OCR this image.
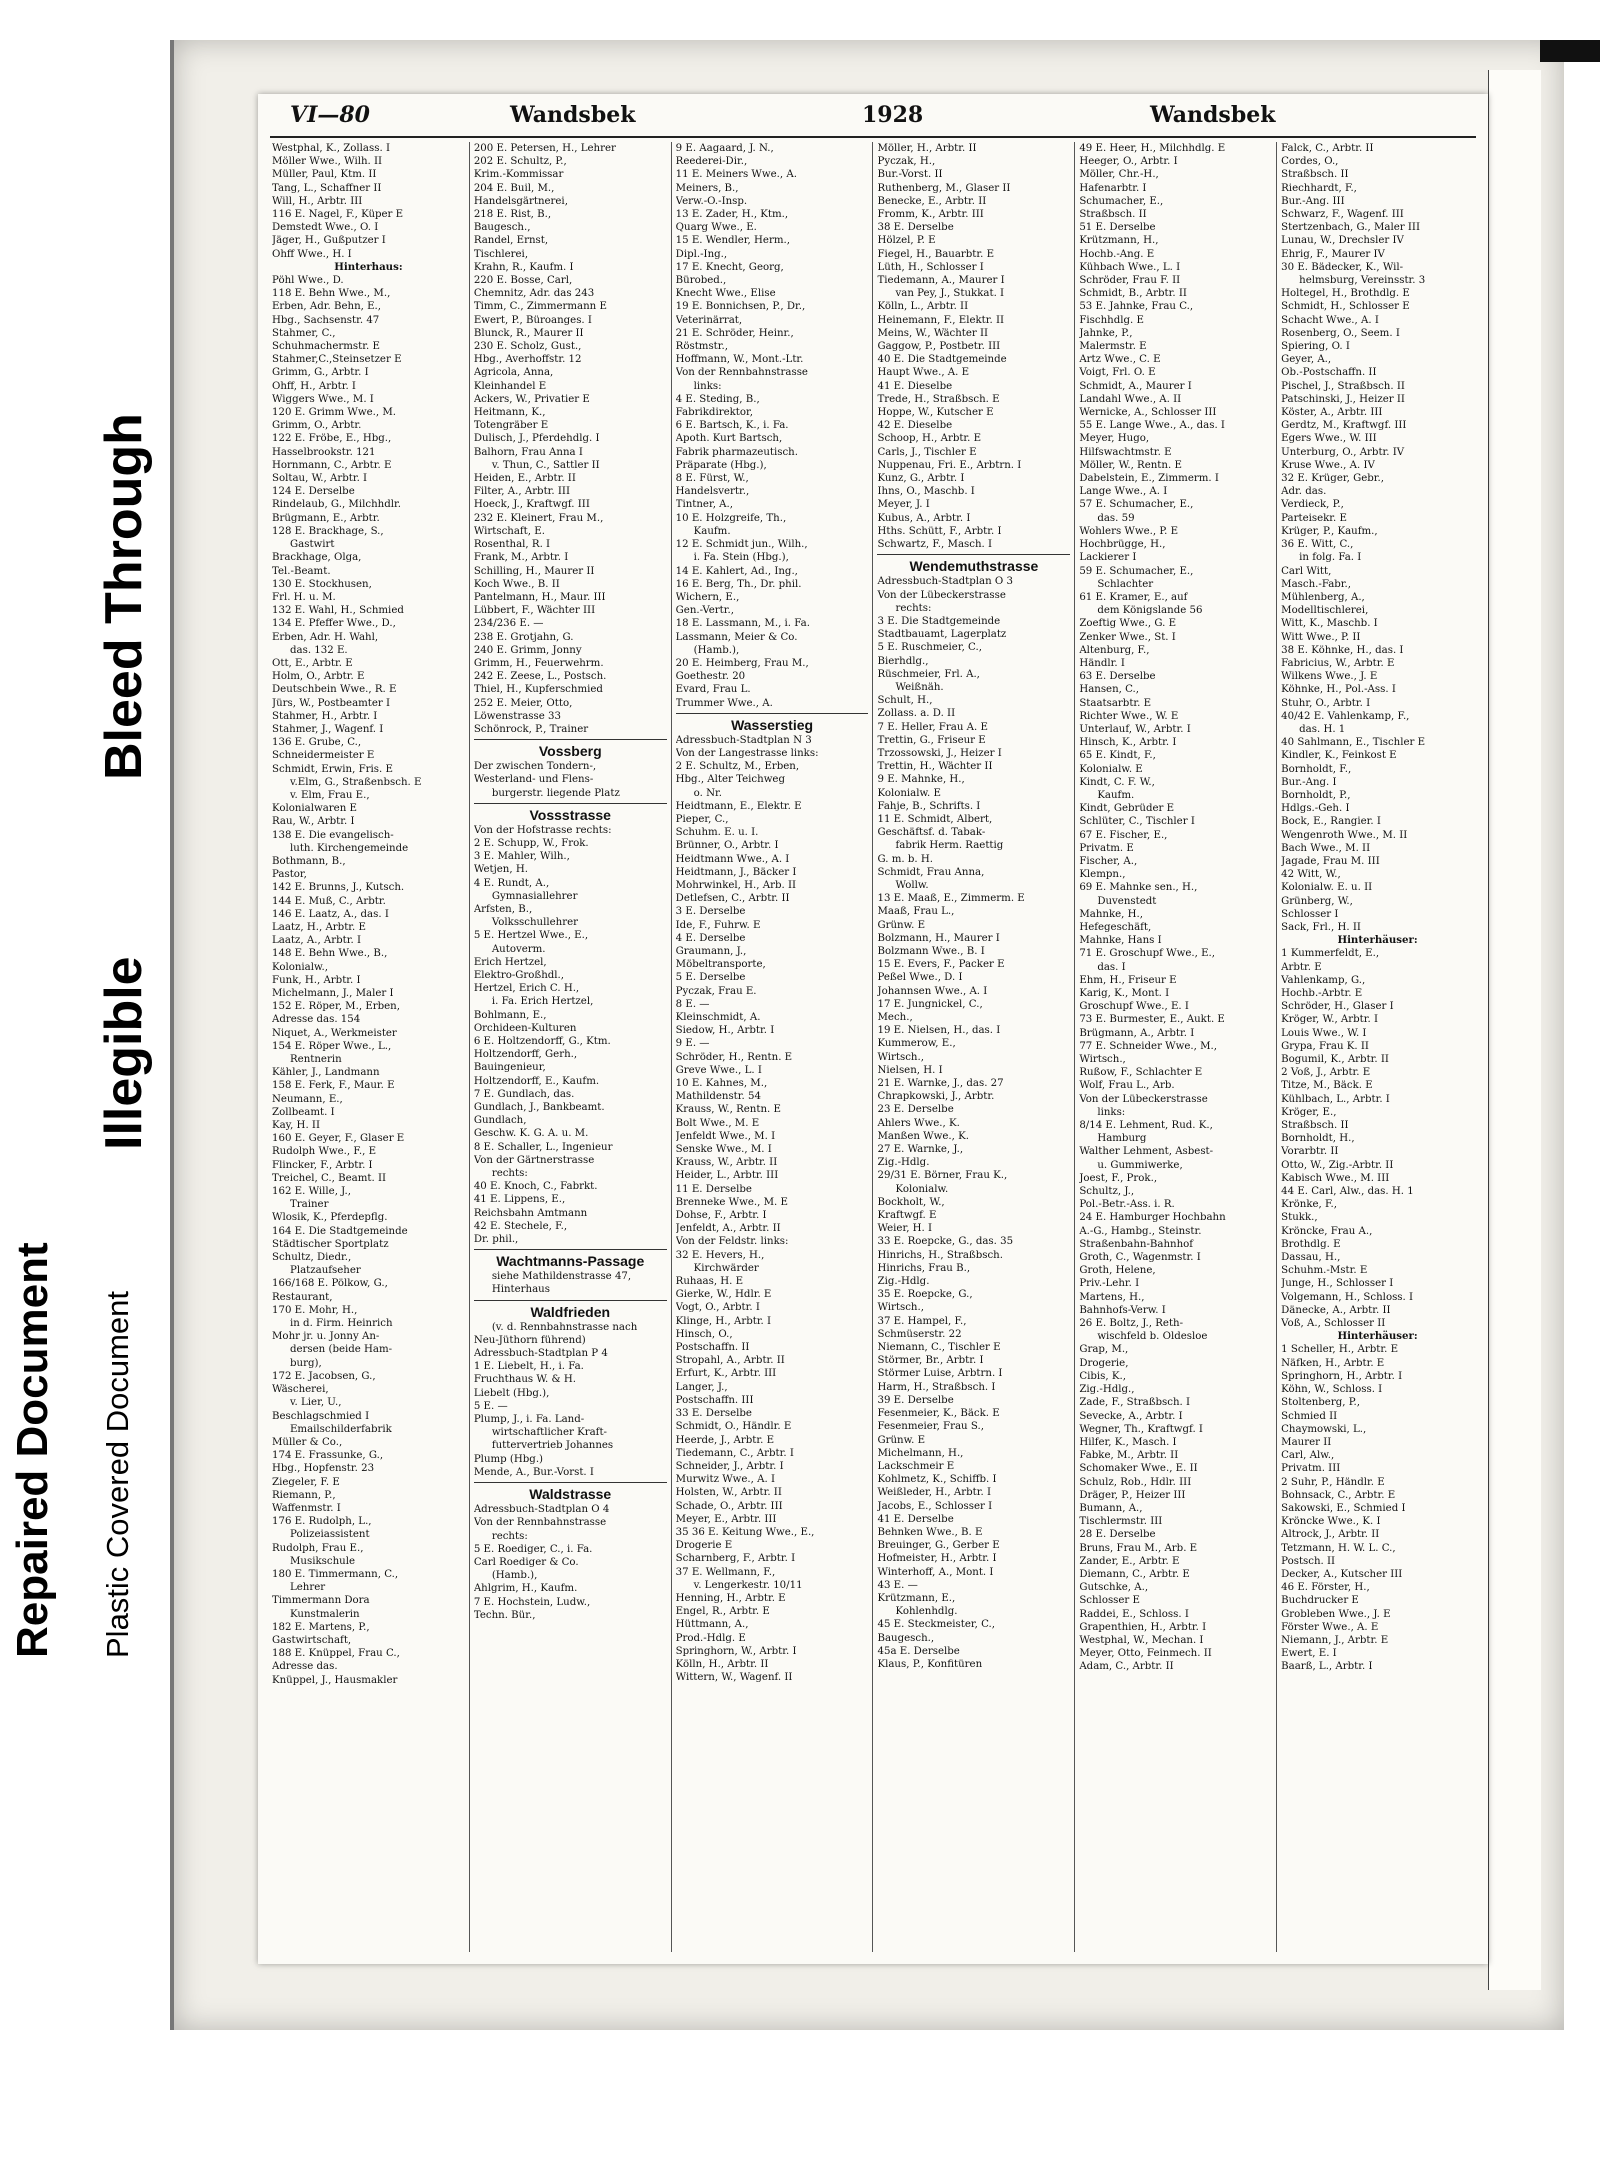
Repaired Document Plastic Covered Document
Illegible
Bleed Through
VI—80	Wandsbek	1928	Wandsbek
Westphal, K., Zollass. I
Möller Wwe., Wilh. II
Müller, Paul, Ktm. II
Tang, L., Schaffner II
Will, H., Arbtr. III
116 E. Nagel, F., Küper E
Demstedt Wwe., O. I
Jäger, H., Gußputzer I
Ohff Wwe., H. I
Hinterhaus:
Pöhl Wwe., D.
118 E. Behn Wwe., M.,
Erben, Adr. Behn, E.,
Hbg., Sachsenstr. 47
Stahmer, C.,
Schuhmachermstr. E
Stahmer,C.,Steinsetzer E
Grimm, G., Arbtr. I
Ohff, H., Arbtr. I
Wiggers Wwe., M. I
120 E. Grimm Wwe., M.
Grimm, O., Arbtr.
122 E. Fröbe, E., Hbg.,
Hasselbrookstr. 121
Hornmann, C., Arbtr. E
Soltau, W., Arbtr. I
124 E. Derselbe
Rindelaub, G., Milchhdlr.
Brügmann, E., Arbtr.
128 E. Brackhage, S.,
Gastwirt
Brackhage, Olga,
Tel.-Beamt.
130 E. Stockhusen,
Frl. H. u. M.
132 E. Wahl, H., Schmied
134 E. Pfeffer Wwe., D.,
Erben, Adr. H. Wahl,
das. 132 E.
Ott, E., Arbtr. E
Holm, O., Arbtr. E
Deutschbein Wwe., R. E
Jürs, W., Postbeamter I
Stahmer, H., Arbtr. I
Stahmer, J., Wagenf. I
136 E. Grube, C.,
Schneidermeister E
Schmidt, Erwin, Fris. E
v.Elm, G., Straßenbsch. E
v. Elm, Frau E.,
Kolonialwaren E
Rau, W., Arbtr. I
138 E. Die evangelisch-
luth. Kirchengemeinde
Bothmann, B.,
Pastor,
142 E. Brunns, J., Kutsch.
144 E. Muß, C., Arbtr.
146 E. Laatz, A., das. I
Laatz, H., Arbtr. E
Laatz, A., Arbtr. I
148 E. Behn Wwe., B.,
Kolonialw.,
Funk, H., Arbtr. I
Michelmann, J., Maler I
152 E. Röper, M., Erben,
Adresse das. 154
Niquet, A., Werkmeister
154 E. Röper Wwe., L.,
Rentnerin
Kähler, J., Landmann
158 E. Ferk, F., Maur. E
Neumann, E.,
Zollbeamt. I
Kay, H. II
160 E. Geyer, F., Glaser E
Rudolph Wwe., F., E
Flincker, F., Arbtr. I
Treichel, C., Beamt. II
162 E. Wille, J.,
Trainer
Wlosik, K., Pferdepflg.
164 E. Die Stadtgemeinde
Städtischer Sportplatz
Schultz, Diedr.,
Platzaufseher
166/168 E. Pölkow, G.,
Restaurant,
170 E. Mohr, H.,
in d. Firm. Heinrich
Mohr jr. u. Jonny An-
dersen (beide Ham-
burg),
172 E. Jacobsen, G.,
Wäscherei,
v. Lier, U.,
Beschlagschmied I
Emailschilderfabrik
Müller & Co.,
174 E. Frassunke, G.,
Hbg., Hopfenstr. 23
Ziegeler, F. E
Riemann, P.,
Waffenmstr. I
176 E. Rudolph, L.,
Polizeiassistent
Rudolph, Frau E.,
Musikschule
180 E. Timmermann, C.,
Lehrer
Timmermann Dora
Kunstmalerin
182 E. Martens, P.,
Gastwirtschaft,
188 E. Knüppel, Frau C.,
Adresse das.
Knüppel, J., Hausmakler
200 E. Petersen, H., Lehrer
202 E. Schultz, P.,
Krim.-Kommissar
204 E. Buil, M.,
Handelsgärtnerei,
218 E. Rist, B.,
Baugesch.,
Randel, Ernst,
Tischlerei,
Krahn, R., Kaufm. I
220 E. Bosse, Carl,
Chemnitz, Adr. das 243
Timm, C., Zimmermann E
Ewert, P., Büroanges. I
Blunck, R., Maurer II
230 E. Scholz, Gust.,
Hbg., Averhoffstr. 12
Agricola, Anna,
Kleinhandel E
Ackers, W., Privatier E
Heitmann, K.,
Totengräber E
Dulisch, J., Pferdehdlg. I
Balhorn, Frau Anna I
v. Thun, C., Sattler II
Heiden, E., Arbtr. II
Filter, A., Arbtr. III
Hoeck, J., Kraftwgf. III
232 E. Kleinert, Frau M.,
Wirtschaft, E.
Rosenthal, R. I
Frank, M., Arbtr. I
Schilling, H., Maurer II
Koch Wwe., B. II
Pantelmann, H., Maur. III
Lübbert, F., Wächter III
234/236 E. —
238 E. Grotjahn, G.
240 E. Grimm, Jonny
Grimm, H., Feuerwehrm.
242 E. Zeese, L., Postsch.
Thiel, H., Kupferschmied
252 E. Meier, Otto,
Löwenstrasse 33
Schönrock, P., Trainer
Vossberg
Der zwischen Tondern-,
Westerland- und Flens-
burgerstr. liegende Platz
Vossstrasse
Von der Hofstrasse rechts:
2 E. Schupp, W., Frok.
3 E. Mahler, Wilh.,
Wetjen, H.
4 E. Rundt, A.,
Gymnasiallehrer
Arfsten, B.,
Volksschullehrer
5 E. Hertzel Wwe., E.,
Autoverm.
Erich Hertzel,
Elektro-Großhdl.,
Hertzel, Erich C. H.,
i. Fa. Erich Hertzel,
Bohlmann, E.,
Orchideen-Kulturen
6 E. Holtzendorff, G., Ktm.
Holtzendorff, Gerh.,
Bauingenieur,
Holtzendorff, E., Kaufm.
7 E. Gundlach, das.
Gundlach, J., Bankbeamt.
Gundlach,
Geschw. K. G. A. u. M.
8 E. Schaller, L., Ingenieur
Von der Gärtnerstrasse
rechts:
40 E. Knoch, C., Fabrkt.
41 E. Lippens, E.,
Reichsbahn Amtmann
42 E. Stechele, F.,
Dr. phil.,
Wachtmanns-Passage
siehe Mathildenstrasse 47,
Hinterhaus
Waldfrieden
(v. d. Rennbahnstrasse nach
Neu-Jüthorn führend)
Adressbuch-Stadtplan P 4
1 E. Liebelt, H., i. Fa.
Fruchthaus W. & H.
Liebelt (Hbg.),
5 E. —
Plump, J., i. Fa. Land-
wirtschaftlicher Kraft-
futtervertrieb Johannes
Plump (Hbg.)
Mende, A., Bur.-Vorst. I
Waldstrasse
Adressbuch-Stadtplan O 4
Von der Rennbahnstrasse
rechts:
5 E. Roediger, C., i. Fa.
Carl Roediger & Co.
(Hamb.),
Ahlgrim, H., Kaufm.
7 E. Hochstein, Ludw.,
Techn. Bür.,
9 E. Aagaard, J. N.,
Reederei-Dir.,
11 E. Meiners Wwe., A.
Meiners, B.,
Verw.-O.-Insp.
13 E. Zader, H., Ktm.,
Quarg Wwe., E.
15 E. Wendler, Herm.,
Dipl.-Ing.,
17 E. Knecht, Georg,
Bürobed.,
Knecht Wwe., Elise
19 E. Bonnichsen, P., Dr.,
Veterinärrat,
21 E. Schröder, Heinr.,
Röstmstr.,
Hoffmann, W., Mont.-Ltr.
Von der Rennbahnstrasse
links:
4 E. Steding, B.,
Fabrikdirektor,
6 E. Bartsch, K., i. Fa.
Apoth. Kurt Bartsch,
Fabrik pharmazeutisch.
Präparate (Hbg.),
8 E. Fürst, W.,
Handelsvertr.,
Tintner, A.,
10 E. Holzgreife, Th.,
Kaufm.
12 E. Schmidt jun., Wilh.,
i. Fa. Stein (Hbg.),
14 E. Kahlert, Ad., Ing.,
16 E. Berg, Th., Dr. phil.
Wichern, E.,
Gen.-Vertr.,
18 E. Lassmann, M., i. Fa.
Lassmann, Meier & Co.
(Hamb.),
20 E. Heimberg, Frau M.,
Goethestr. 20
Evard, Frau L.
Trummer Wwe., A.
Wasserstieg
Adressbuch-Stadtplan N 3
Von der Langestrasse links:
2 E. Schultz, M., Erben,
Hbg., Alter Teichweg
o. Nr.
Heidtmann, E., Elektr. E
Pieper, C.,
Schuhm. E. u. I.
Brünner, O., Arbtr. I
Heidtmann Wwe., A. I
Heidtmann, J., Bäcker I
Mohrwinkel, H., Arb. II
Detlefsen, C., Arbtr. II
3 E. Derselbe
Ide, F., Fuhrw. E
4 E. Derselbe
Graumann, J.,
Möbeltransporte,
5 E. Derselbe
Pyczak, Frau E.
8 E. —
Kleinschmidt, A.
Siedow, H., Arbtr. I
9 E. —
Schröder, H., Rentn. E
Greve Wwe., L. I
10 E. Kahnes, M.,
Mathildenstr. 54
Krauss, W., Rentn. E
Bolt Wwe., M. E
Jenfeldt Wwe., M. I
Senske Wwe., M. I
Krauss, W., Arbtr. II
Heider, L., Arbtr. III
11 E. Derselbe
Brenneke Wwe., M. E
Dohse, F., Arbtr. I
Jenfeldt, A., Arbtr. II
Von der Feldstr. links:
32 E. Hevers, H.,
Kirchwärder
Ruhaas, H. E
Gierke, W., Hdlr. E
Vogt, O., Arbtr. I
Klinge, H., Arbtr. I
Hinsch, O.,
Postschaffn. II
Stropahl, A., Arbtr. II
Erfurt, K., Arbtr. III
Langer, J.,
Postschaffn. III
33 E. Derselbe
Schmidt, O., Händlr. E
Heerde, J., Arbtr. E
Tiedemann, C., Arbtr. I
Schneider, J., Arbtr. I
Murwitz Wwe., A. I
Holsten, W., Arbtr. II
Schade, O., Arbtr. III
Meyer, E., Arbtr. III
35 36 E. Keitung Wwe., E.,
Drogerie E
Scharnberg, F., Arbtr. I
37 E. Wellmann, F.,
v. Lengerkestr. 10/11
Henning, H., Arbtr. E
Engel, R., Arbtr. E
Hüttmann, A.,
Prod.-Hdlg. E
Springhorn, W., Arbtr. I
Kölln, H., Arbtr. II
Wittern, W., Wagenf. II
Möller, H., Arbtr. II
Pyczak, H.,
Bur.-Vorst. II
Ruthenberg, M., Glaser II
Benecke, E., Arbtr. II
Fromm, K., Arbtr. III
38 E. Derselbe
Hölzel, P. E
Fiegel, H., Bauarbtr. E
Lüth, H., Schlosser I
Tiedemann, A., Maurer I
van Pey, J., Stukkat. I
Kölln, L., Arbtr. II
Heinemann, F., Elektr. II
Meins, W., Wächter II
Gaggow, P., Postbetr. III
40 E. Die Stadtgemeinde
Haupt Wwe., A. E
41 E. Dieselbe
Trede, H., Straßbsch. E
Hoppe, W., Kutscher E
42 E. Dieselbe
Schoop, H., Arbtr. E
Carls, J., Tischler E
Nuppenau, Fri. E., Arbtrn. I
Kunz, G., Arbtr. I
Ihns, O., Maschb. I
Meyer, J. I
Kubus, A., Arbtr. I
Hths. Schütt, F., Arbtr. I
Schwartz, F., Masch. I
Wendemuthstrasse
Adressbuch-Stadtplan O 3
Von der Lübeckerstrasse
rechts:
3 E. Die Stadtgemeinde
Stadtbauamt, Lagerplatz
5 E. Ruschmeier, C.,
Bierhdlg.,
Rüschmeier, Frl. A.,
Weißnäh.
Schult, H.,
Zollass. a. D. II
7 E. Heller, Frau A. E
Trettin, G., Friseur E
Trzossowski, J., Heizer I
Trettin, H., Wächter II
9 E. Mahnke, H.,
Kolonialw. E
Fahje, B., Schrifts. I
11 E. Schmidt, Albert,
Geschäftsf. d. Tabak-
fabrik Herm. Raettig
G. m. b. H.
Schmidt, Frau Anna,
Wollw.
13 E. Maaß, E., Zimmerm. E
Maaß, Frau L.,
Grünw. E
Bolzmann, H., Maurer I
Bolzmann Wwe., B. I
15 E. Evers, F., Packer E
Peßel Wwe., D. I
Johannsen Wwe., A. I
17 E. Jungnickel, C.,
Mech.,
19 E. Nielsen, H., das. I
Kummerow, E.,
Wirtsch.,
Nielsen, H. I
21 E. Warnke, J., das. 27
Chrapkowski, J., Arbtr.
23 E. Derselbe
Ahlers Wwe., K.
Manßen Wwe., K.
27 E. Warnke, J.,
Zig.-Hdlg.
29/31 E. Börner, Frau K.,
Kolonialw.
Bockholt, W.,
Kraftwgf. E
Weier, H. I
33 E. Roepcke, G., das. 35
Hinrichs, H., Straßbsch.
Hinrichs, Frau B.,
Zig.-Hdlg.
35 E. Roepcke, G.,
Wirtsch.,
37 E. Hampel, F.,
Schmüserstr. 22
Niemann, C., Tischler E
Störmer, Br., Arbtr. I
Störmer Luise, Arbtrn. I
Harm, H., Straßbsch. I
39 E. Derselbe
Fesenmeier, K., Bäck. E
Fesenmeier, Frau S.,
Grünw. E
Michelmann, H.,
Lackschmeir E
Kohlmetz, K., Schiffb. I
Weißleder, H., Arbtr. I
Jacobs, E., Schlosser I
41 E. Derselbe
Behnken Wwe., B. E
Breuinger, G., Gerber E
Hofmeister, H., Arbtr. I
Winterhoff, A., Mont. I
43 E. —
Krützmann, E.,
Kohlenhdlg.
45 E. Steckmeister, C.,
Baugesch.,
45a E. Derselbe
Klaus, P., Konfitüren
49 E. Heer, H., Milchhdlg. E
Heeger, O., Arbtr. I
Möller, Chr.-H.,
Hafenarbtr. I
Schumacher, E.,
Straßbsch. II
51 E. Derselbe
Krützmann, H.,
Hochb.-Ang. E
Kühbach Wwe., L. I
Schröder, Frau F. II
Schmidt, B., Arbtr. II
53 E. Jahnke, Frau C.,
Fischhdlg. E
Jahnke, P.,
Malermstr. E
Artz Wwe., C. E
Voigt, Frl. O. E
Schmidt, A., Maurer I
Landahl Wwe., A. II
Wernicke, A., Schlosser III
55 E. Lange Wwe., A., das. I
Meyer, Hugo,
Hilfswachtmstr. E
Möller, W., Rentn. E
Dabelstein, E., Zimmerm. I
Lange Wwe., A. I
57 E. Schumacher, E.,
das. 59
Wohlers Wwe., P. E
Hochbrügge, H.,
Lackierer I
59 E. Schumacher, E.,
Schlachter
61 E. Kramer, E., auf
dem Königslande 56
Zoeftig Wwe., G. E
Zenker Wwe., St. I
Altenburg, F.,
Händlr. I
63 E. Derselbe
Hansen, C.,
Staatsarbtr. E
Richter Wwe., W. E
Unterlauf, W., Arbtr. I
Hinsch, K., Arbtr. I
65 E. Kindt, F.,
Kolonialw. E
Kindt, C. F. W.,
Kaufm.
Kindt, Gebrüder E
Schlüter, C., Tischler I
67 E. Fischer, E.,
Privatm. E
Fischer, A.,
Klempn.,
69 E. Mahnke sen., H.,
Duvenstedt
Mahnke, H.,
Hefegeschäft,
Mahnke, Hans I
71 E. Groschupf Wwe., E.,
das. I
Ehm, H., Friseur E
Karig, K., Mont. I
Groschupf Wwe., E. I
73 E. Burmester, E., Aukt. E
Brügmann, A., Arbtr. I
77 E. Schneider Wwe., M.,
Wirtsch.,
Rußow, F., Schlachter E
Wolf, Frau L., Arb.
Von der Lübeckerstrasse
links:
8/14 E. Lehment, Rud. K.,
Hamburg
Walther Lehment, Asbest-
u. Gummiwerke,
Joest, F., Prok.,
Schultz, J.,
Pol.-Betr.-Ass. i. R.
24 E. Hamburger Hochbahn
A.-G., Hambg., Steinstr.
Straßenbahn-Bahnhof
Groth, C., Wagenmstr. I
Groth, Helene,
Priv.-Lehr. I
Martens, H.,
Bahnhofs-Verw. I
26 E. Boltz, J., Reth-
wischfeld b. Oldesloe
Grap, M.,
Drogerie,
Cibis, K.,
Zig.-Hdlg.,
Zade, F., Straßbsch. I
Sevecke, A., Arbtr. I
Wegner, Th., Kraftwgf. I
Hilfer, K., Masch. I
Fabke, M., Arbtr. II
Schomaker Wwe., E. II
Schulz, Rob., Hdlr. III
Dräger, P., Heizer III
Bumann, A.,
Tischlermstr. III
28 E. Derselbe
Bruns, Frau M., Arb. E
Zander, E., Arbtr. E
Diemann, C., Arbtr. E
Gutschke, A.,
Schlosser E
Raddei, E., Schloss. I
Grapenthien, H., Arbtr. I
Westphal, W., Mechan. I
Meyer, Otto, Feinmech. II
Adam, C., Arbtr. II
Falck, C., Arbtr. II
Cordes, O.,
Straßbsch. II
Riechhardt, F.,
Bur.-Ang. III
Schwarz, F., Wagenf. III
Stertzenbach, G., Maler III
Lunau, W., Drechsler IV
Ehrig, F., Maurer IV
30 E. Bädecker, K., Wil-
helmsburg, Vereinsstr. 3
Holtegel, H., Brothdlg. E
Schmidt, H., Schlosser E
Schacht Wwe., A. I
Rosenberg, O., Seem. I
Spiering, O. I
Geyer, A.,
Ob.-Postschaffn. II
Pischel, J., Straßbsch. II
Patschinski, J., Heizer II
Köster, A., Arbtr. III
Gerdtz, M., Kraftwgf. III
Egers Wwe., W. III
Unterburg, O., Arbtr. IV
Kruse Wwe., A. IV
32 E. Krüger, Gebr.,
Adr. das.
Verdieck, P.,
Parteisekr. E
Krüger, P., Kaufm.,
36 E. Witt, C.,
in folg. Fa. I
Carl Witt,
Masch.-Fabr.,
Mühlenberg, A.,
Modelltischlerei,
Witt, K., Maschb. I
Witt Wwe., P. II
38 E. Köhnke, H., das. I
Fabricius, W., Arbtr. E
Wilkens Wwe., J. E
Köhnke, H., Pol.-Ass. I
Stuhr, O., Arbtr. I
40/42 E. Vahlenkamp, F.,
das. H. 1
40 Sahlmann, E., Tischler E
Kindler, K., Feinkost E
Bornholdt, F.,
Bur.-Ang. I
Bornholdt, P.,
Hdlgs.-Geh. I
Bock, E., Rangier. I
Wengenroth Wwe., M. II
Bach Wwe., M. II
Jagade, Frau M. III
42 Witt, W.,
Kolonialw. E. u. II
Grünberg, W.,
Schlosser I
Sack, Frl., H. II
Hinterhäuser:
1 Kummerfeldt, E.,
Arbtr. E
Vahlenkamp, G.,
Hochb.-Arbtr. E
Schröder, H., Glaser I
Kröger, W., Arbtr. I
Louis Wwe., W. I
Grypa, Frau K. II
Bogumil, K., Arbtr. II
2 Voß, J., Arbtr. E
Titze, M., Bäck. E
Kühlbach, L., Arbtr. I
Kröger, E.,
Straßbsch. II
Bornholdt, H.,
Vorarbtr. II
Otto, W., Zig.-Arbtr. II
Kabisch Wwe., M. III
44 E. Carl, Alw., das. H. 1
Krönke, F.,
Stukk.,
Kröncke, Frau A.,
Brothdlg. E
Dassau, H.,
Schuhm.-Mstr. E
Junge, H., Schlosser I
Volgemann, H., Schloss. I
Dänecke, A., Arbtr. II
Voß, A., Schlosser II
Hinterhäuser:
1 Scheller, H., Arbtr. E
Näfken, H., Arbtr. E
Springhorn, H., Arbtr. I
Köhn, W., Schloss. I
Stoltenberg, P.,
Schmied II
Chaymowski, L.,
Maurer II
Carl, Alw.,
Privatm. III
2 Suhr, P., Händlr. E
Bohnsack, C., Arbtr. E
Sakowski, E., Schmied I
Kröncke Wwe., K. I
Altrock, J., Arbtr. II
Tetzmann, H. W. L. C.,
Postsch. II
Decker, A., Kutscher III
46 E. Förster, H.,
Buchdrucker E
Grobleben Wwe., J. E
Förster Wwe., A. E
Niemann, J., Arbtr. E
Ewert, E. I
Baarß, L., Arbtr. I
